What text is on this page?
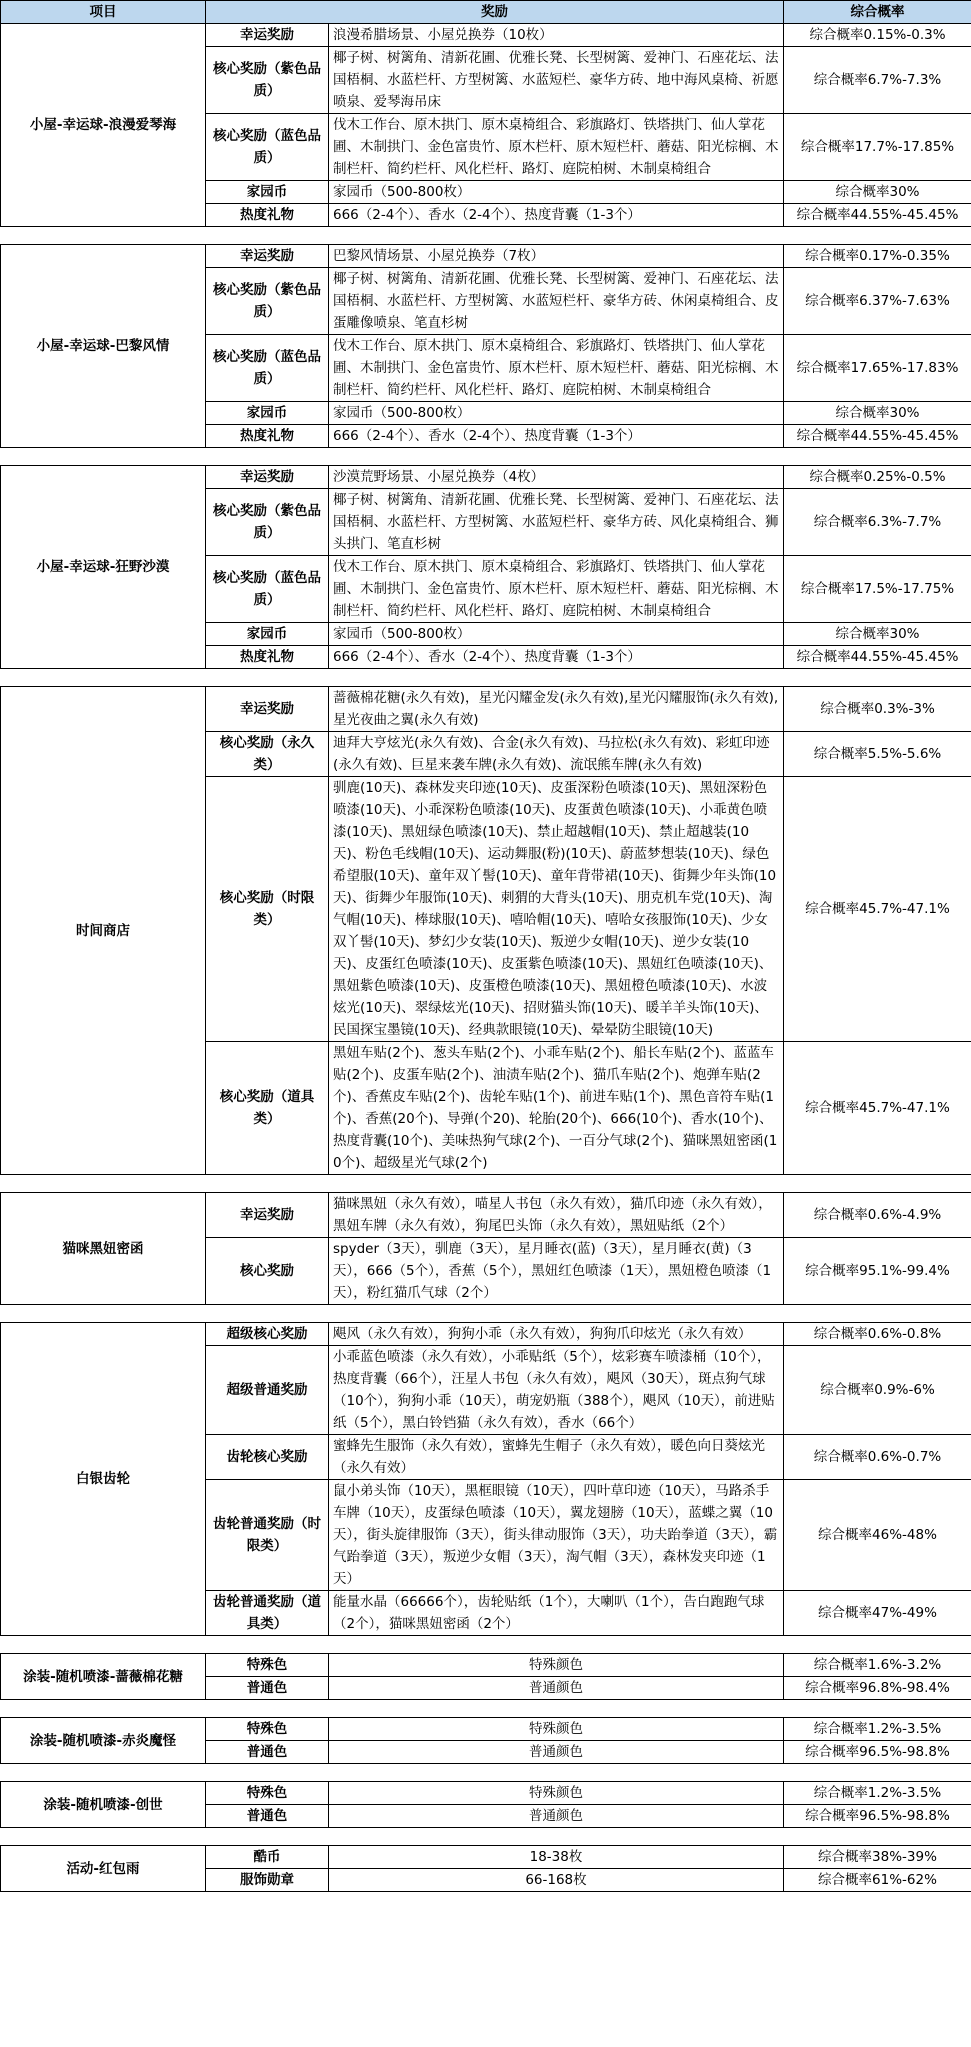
项目	奖励		综合概率
小屋-幸运球-浪漫爱琴海	幸运奖励	浪漫希腊场景、小屋兑换券（10枚）	综合概率0.15%-0.3%
	核心奖励（紫色品质）	椰子树、树篱角、清新花圃、优雅长凳、长型树篱、爱神门、石座花坛、法国梧桐、水蓝栏杆、方型树篱、水蓝短栏、豪华方砖、地中海风桌椅、祈愿喷泉、爱琴海吊床	综合概率6.7%-7.3%
	核心奖励（蓝色品质）	伐木工作台、原木拱门、原木桌椅组合、彩旗路灯、铁塔拱门、仙人掌花圃、木制拱门、金色富贵竹、原木栏杆、原木短栏杆、蘑菇、阳光棕榈、木制栏杆、简约栏杆、风化栏杆、路灯、庭院柏树、木制桌椅组合	综合概率17.7%-17.85%
	家园币	家园币（500-800枚）	综合概率30%
	热度礼物	666（2-4个）、香水（2-4个）、热度背囊（1-3个）	综合概率44.55%-45.45%

小屋-幸运球-巴黎风情	幸运奖励	巴黎风情场景、小屋兑换券（7枚）	综合概率0.17%-0.35%
	核心奖励（紫色品质）	椰子树、树篱角、清新花圃、优雅长凳、长型树篱、爱神门、石座花坛、法国梧桐、水蓝栏杆、方型树篱、水蓝短栏杆、豪华方砖、休闲桌椅组合、皮蛋雕像喷泉、笔直杉树	综合概率6.37%-7.63%
	核心奖励（蓝色品质）	伐木工作台、原木拱门、原木桌椅组合、彩旗路灯、铁塔拱门、仙人掌花圃、木制拱门、金色富贵竹、原木栏杆、原木短栏杆、蘑菇、阳光棕榈、木制栏杆、简约栏杆、风化栏杆、路灯、庭院柏树、木制桌椅组合	综合概率17.65%-17.83%
	家园币	家园币（500-800枚）	综合概率30%
	热度礼物	666（2-4个）、香水（2-4个）、热度背囊（1-3个）	综合概率44.55%-45.45%

小屋-幸运球-狂野沙漠	幸运奖励	沙漠荒野场景、小屋兑换券（4枚）	综合概率0.25%-0.5%
	核心奖励（紫色品质）	椰子树、树篱角、清新花圃、优雅长凳、长型树篱、爱神门、石座花坛、法国梧桐、水蓝栏杆、方型树篱、水蓝短栏杆、豪华方砖、风化桌椅组合、狮头拱门、笔直杉树	综合概率6.3%-7.7%
	核心奖励（蓝色品质）	伐木工作台、原木拱门、原木桌椅组合、彩旗路灯、铁塔拱门、仙人掌花圃、木制拱门、金色富贵竹、原木栏杆、原木短栏杆、蘑菇、阳光棕榈、木制栏杆、简约栏杆、风化栏杆、路灯、庭院柏树、木制桌椅组合	综合概率17.5%-17.75%
	家园币	家园币（500-800枚）	综合概率30%
	热度礼物	666（2-4个）、香水（2-4个）、热度背囊（1-3个）	综合概率44.55%-45.45%

时间商店	幸运奖励	蔷薇棉花糖(永久有效)，星光闪耀金发(永久有效),星光闪耀服饰(永久有效),星光夜曲之翼(永久有效)	综合概率0.3%-3%
	核心奖励（永久类）	迪拜大亨炫光(永久有效)、合金(永久有效)、马拉松(永久有效)、彩虹印迹(永久有效)、巨星来袭车牌(永久有效)、流氓熊车牌(永久有效)	综合概率5.5%-5.6%
	核心奖励（时限类）	驯鹿(10天)、森林发夹印迹(10天)、皮蛋深粉色喷漆(10天)、黑妞深粉色喷漆(10天)、小乖深粉色喷漆(10天)、皮蛋黄色喷漆(10天)、小乖黄色喷漆(10天)、黑妞绿色喷漆(10天)、禁止超越帽(10天)、禁止超越装(10天)、粉色毛线帽(10天)、运动舞服(粉)(10天)、蔚蓝梦想装(10天)、绿色希望服(10天)、童年双丫髻(10天)、童年背带裙(10天)、街舞少年头饰(10天)、街舞少年服饰(10天)、刺猬的大背头(10天)、朋克机车党(10天)、淘气帽(10天)、棒球服(10天)、嘻哈帽(10天)、嘻哈女孩服饰(10天)、少女双丫髻(10天)、梦幻少女装(10天)、叛逆少女帽(10天)、逆少女装(10天)、皮蛋红色喷漆(10天)、皮蛋紫色喷漆(10天)、黑妞红色喷漆(10天)、黑妞紫色喷漆(10天)、皮蛋橙色喷漆(10天)、黑妞橙色喷漆(10天)、水波炫光(10天)、翠绿炫光(10天)、招财猫头饰(10天)、暖羊羊头饰(10天)、民国探宝墨镜(10天)、经典款眼镜(10天)、晕晕防尘眼镜(10天)	综合概率45.7%-47.1%
	核心奖励（道具类）	黑妞车贴(2个)、葱头车贴(2个)、小乖车贴(2个)、船长车贴(2个)、蓝蓝车贴(2个)、皮蛋车贴(2个)、油渍车贴(2个)、猫爪车贴(2个)、炮弹车贴(2个)、香蕉皮车贴(2个)、齿轮车贴(1个)、前进车贴(1个)、黑色音符车贴(1个)、香蕉(20个)、导弹(个20)、轮胎(20个)、666(10个)、香水(10个)、热度背囊(10个)、美味热狗气球(2个)、一百分气球(2个)、猫咪黑妞密函(10个)、超级星光气球(2个)	综合概率45.7%-47.1%

猫咪黑妞密函	幸运奖励	猫咪黑妞（永久有效），喵星人书包（永久有效），猫爪印迹（永久有效），黑妞车牌（永久有效），狗尾巴头饰（永久有效），黑妞贴纸（2个）	综合概率0.6%-4.9%
	核心奖励	spyder（3天），驯鹿（3天），星月睡衣(蓝)（3天），星月睡衣(黄)（3天），666（5个），香蕉（5个），黑妞红色喷漆（1天），黑妞橙色喷漆（1天），粉红猫爪气球（2个）	综合概率95.1%-99.4%

白银齿轮	超级核心奖励	飓风（永久有效），狗狗小乖（永久有效），狗狗爪印炫光（永久有效）	综合概率0.6%-0.8%
	超级普通奖励	小乖蓝色喷漆（永久有效），小乖贴纸（5个），炫彩赛车喷漆桶（10个），热度背囊（66个），汪星人书包（永久有效），飓风（30天），斑点狗气球（10个），狗狗小乖（10天），萌宠奶瓶（388个），飓风（10天），前进贴纸（5个），黑白铃铛猫（永久有效），香水（66个）	综合概率0.9%-6%
	齿轮核心奖励	蜜蜂先生服饰（永久有效），蜜蜂先生帽子（永久有效），暖色向日葵炫光（永久有效）	综合概率0.6%-0.7%
	齿轮普通奖励（时限类）	鼠小弟头饰（10天），黑框眼镜（10天），四叶草印迹（10天），马路杀手车牌（10天），皮蛋绿色喷漆（10天），翼龙翅膀（10天），蓝蝶之翼（10天），街头旋律服饰（3天），街头律动服饰（3天），功夫跆拳道（3天），霸气跆拳道（3天），叛逆少女帽（3天），淘气帽（3天），森林发夹印迹（1天）	综合概率46%-48%
	齿轮普通奖励（道具类）	能量水晶（66666个），齿轮贴纸（1个），大喇叭（1个），告白跑跑气球（2个），猫咪黑妞密函（2个）	综合概率47%-49%

涂装-随机喷漆-蔷薇棉花糖	特殊色	特殊颜色	综合概率1.6%-3.2%
	普通色	普通颜色	综合概率96.8%-98.4%

涂装-随机喷漆-赤炎魔怪	特殊色	特殊颜色	综合概率1.2%-3.5%
	普通色	普通颜色	综合概率96.5%-98.8%

涂装-随机喷漆-创世	特殊色	特殊颜色	综合概率1.2%-3.5%
	普通色	普通颜色	综合概率96.5%-98.8%

活动-红包雨	酷币	18-38枚	综合概率38%-39%
	服饰勋章	66-168枚	综合概率61%-62%
